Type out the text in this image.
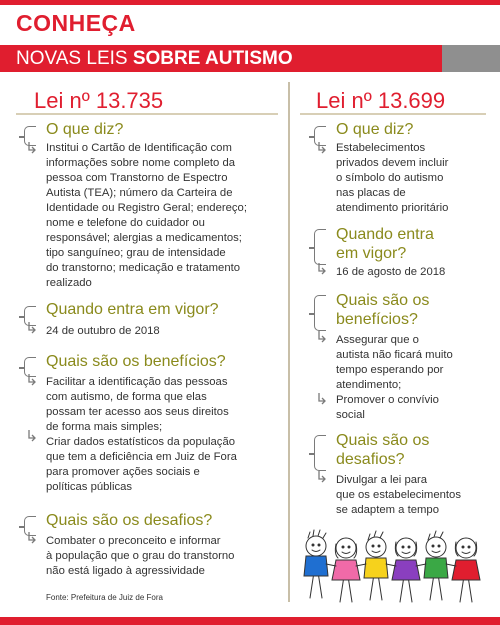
CONHEÇA
NOVAS LEIS SOBRE AUTISMO
Lei nº 13.735
O que diz?
Institui o Cartão de Identificação com
informações sobre nome completo da
pessoa com Transtorno de Espectro
Autista (TEA); número da Carteira de
Identidade ou Registro Geral; endereço;
nome e telefone do cuidador ou
responsável; alergias a medicamentos;
tipo sanguíneo; grau de intensidade
do transtorno; medicação e tratamento
realizado
Quando entra em vigor?
24 de outubro de 2018
Quais são os benefícios?
Facilitar a identificação das pessoas
com autismo, de forma que elas
possam ter acesso aos seus direitos
de forma mais simples;
Criar dados estatísticos da população
que tem a deficiência em Juiz de Fora
para promover ações sociais e
políticas públicas
Quais são os desafios?
Combater o preconceito e informar
à população que o grau do transtorno
não está ligado à agressividade
Lei nº 13.699
O que diz?
Estabelecimentos
privados devem incluir
o símbolo do autismo
nas placas de
atendimento prioritário
Quando entra
em vigor?
16 de agosto de 2018
Quais são os
benefícios?
Assegurar que o
autista não ficará muito
tempo esperando por
atendimento;
Promover o convívio
social
Quais são os
desafios?
Divulgar a lei para
que os estabelecimentos
se adaptem a tempo
Fonte: Prefeitura de Juiz de Fora
